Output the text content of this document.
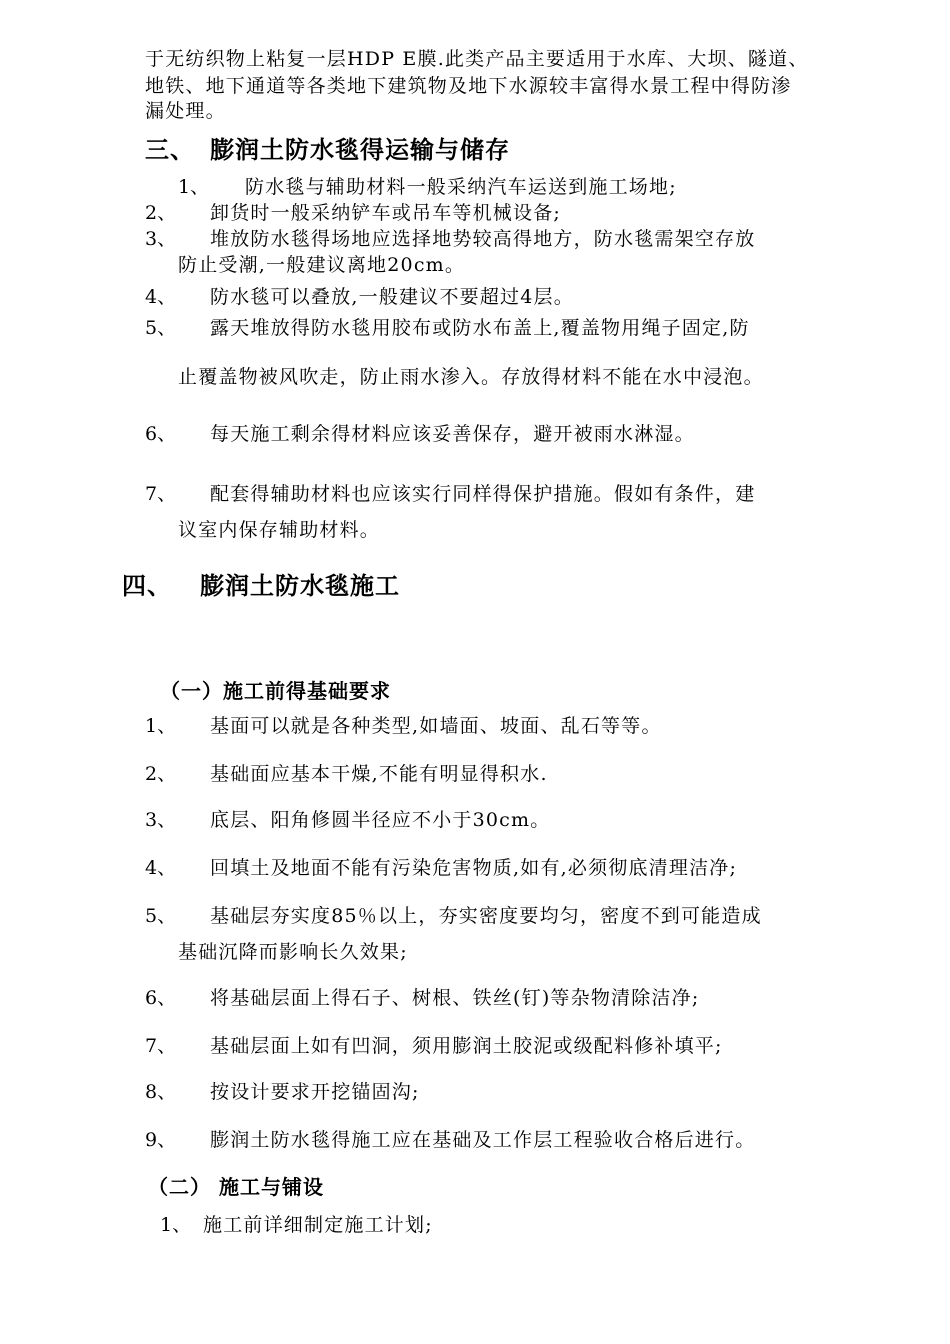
于无纺织物上粘复一层HDP E膜.此类产品主要适用于水库、大坝、隧道、
地铁、地下通道等各类地下建筑物及地下水源较丰富得水景工程中得防渗
漏处理。
三、 膨润土防水毯得运输与储存
1、 防水毯与辅助材料一般采纳汽车运送到施工场地;
2、 卸货时一般采纳铲车或吊车等机械设备;
3、 堆放防水毯得场地应选择地势较高得地方，防水毯需架空存放
防止受潮,一般建议离地20cm。
4、 防水毯可以叠放,一般建议不要超过4层。
5、 露天堆放得防水毯用胶布或防水布盖上,覆盖物用绳子固定,防
止覆盖物被风吹走，防止雨水渗入。存放得材料不能在水中浸泡。
6、 每天施工剩余得材料应该妥善保存，避开被雨水淋湿。
7、 配套得辅助材料也应该实行同样得保护措施。假如有条件，建
议室内保存辅助材料。
四、 膨润土防水毯施工
（一）施工前得基础要求
1、 基面可以就是各种类型,如墙面、坡面、乱石等等。
2、 基础面应基本干燥,不能有明显得积水.
3、 底层、阳角修圆半径应不小于30cm。
4、 回填土及地面不能有污染危害物质,如有,必须彻底清理洁净;
5、 基础层夯实度85％以上，夯实密度要均匀，密度不到可能造成
基础沉降而影响长久效果;
6、 将基础层面上得石子、树根、铁丝(钉)等杂物清除洁净;
7、 基础层面上如有凹洞，须用膨润土胶泥或级配料修补填平;
8、 按设计要求开挖锚固沟;
9、 膨润土防水毯得施工应在基础及工作层工程验收合格后进行。
（二） 施工与铺设
1、 施工前详细制定施工计划;
